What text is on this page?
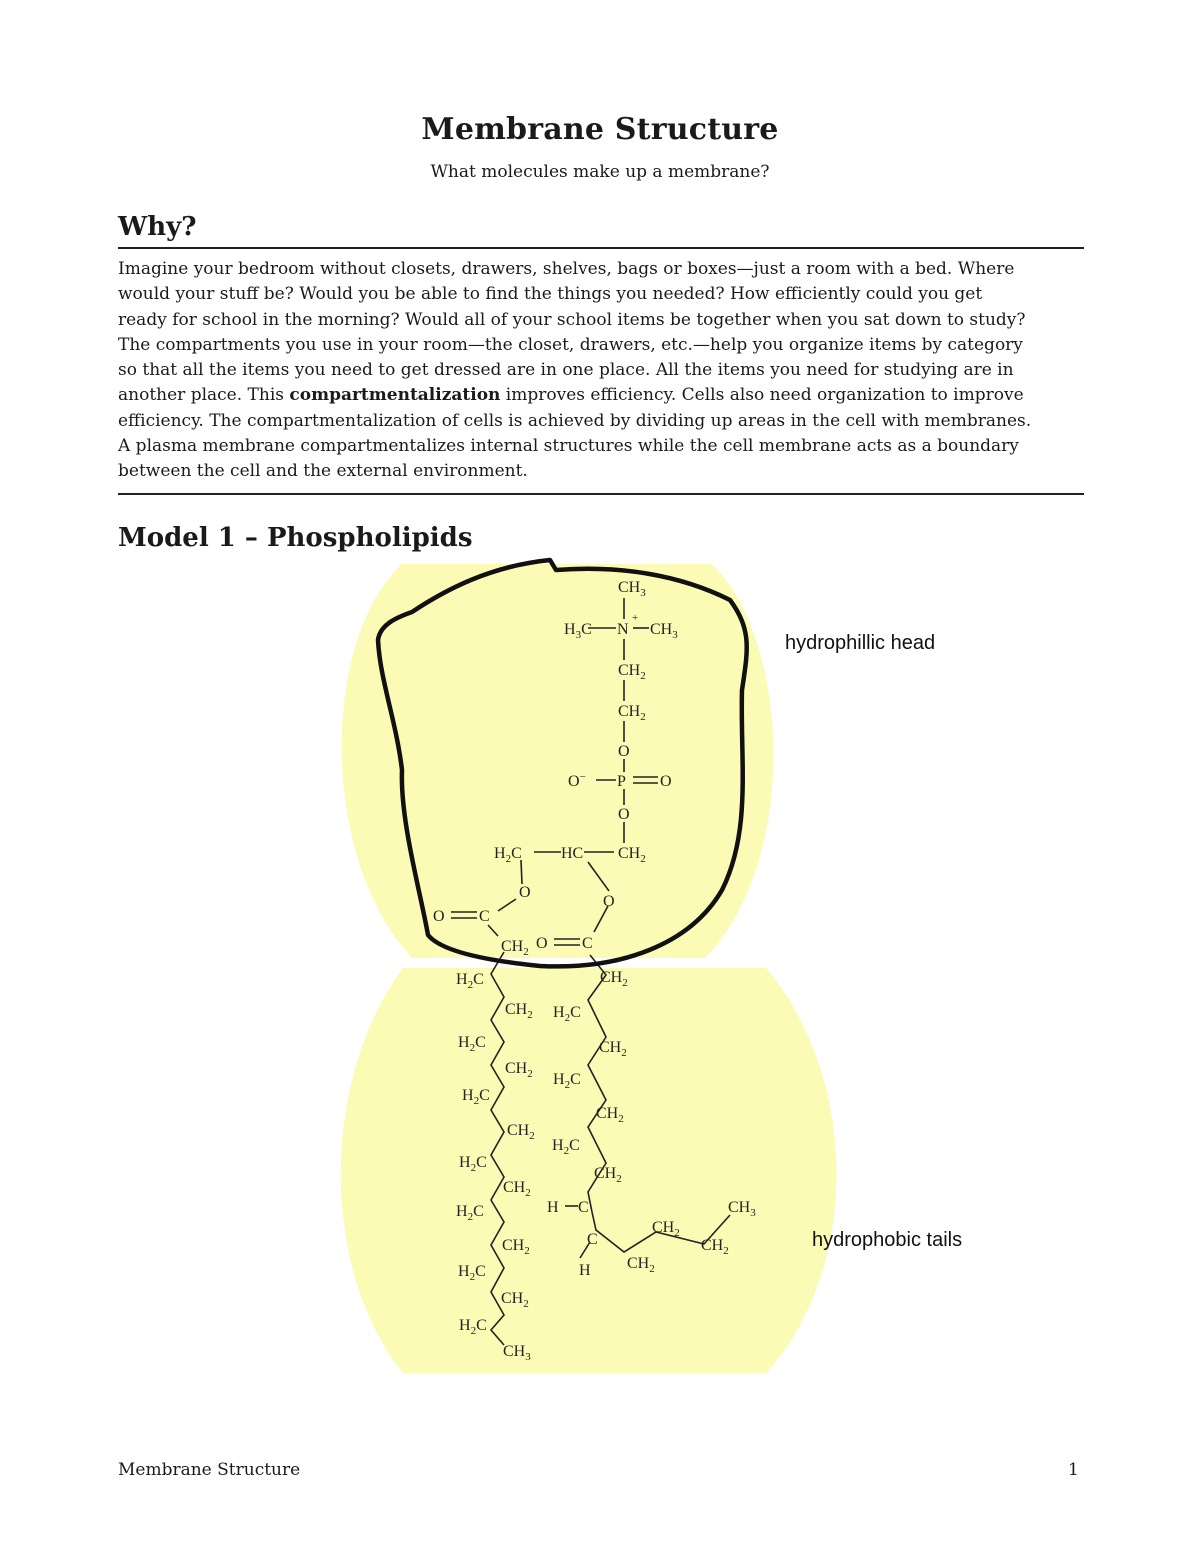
Membrane Structure
What molecules make up a membrane?
Why?
Imagine your bedroom without closets, drawers, shelves, bags or boxes—just a room with a bed. Where
would your stuff be? Would you be able to find the things you needed? How efficiently could you get
ready for school in the morning? Would all of your school items be together when you sat down to study?
The compartments you use in your room—the closet, drawers, etc.—help you organize items by category
so that all the items you need to get dressed are in one place. All the items you need for studying are in
another place. This compartmentalization improves efficiency. Cells also need organization to improve
efficiency. The compartmentalization of cells is achieved by dividing up areas in the cell with membranes.
A plasma membrane compartmentalizes internal structures while the cell membrane acts as a boundary
between the cell and the external environment.
Model 1 – Phospholipids
$CH_3$
$H_3C$ N
+
$CH_3$
$CH_2$
$CH_2$
O
O− P O
O
$H_2C$ HC $CH_2$
O
O
O C
O C
$CH_2$
$H_2C$
$CH_2$
$H_2C$
$CH_2$
$H_2C$
$CH_2$
$H_2C$
$CH_2$
$H_2C$
$CH_2$
$H_2C$
$CH_2$
$H_2C$
$CH_3$
$CH_2$
$H_2C$
$CH_2$
$H_2C$
$CH_2$
$H_2C$
$CH_2$
H C
C
H $CH_2$
$CH_2$
$CH_2$
$CH_3$
hydrophillic head
hydrophobic tails
Membrane Structure	1
